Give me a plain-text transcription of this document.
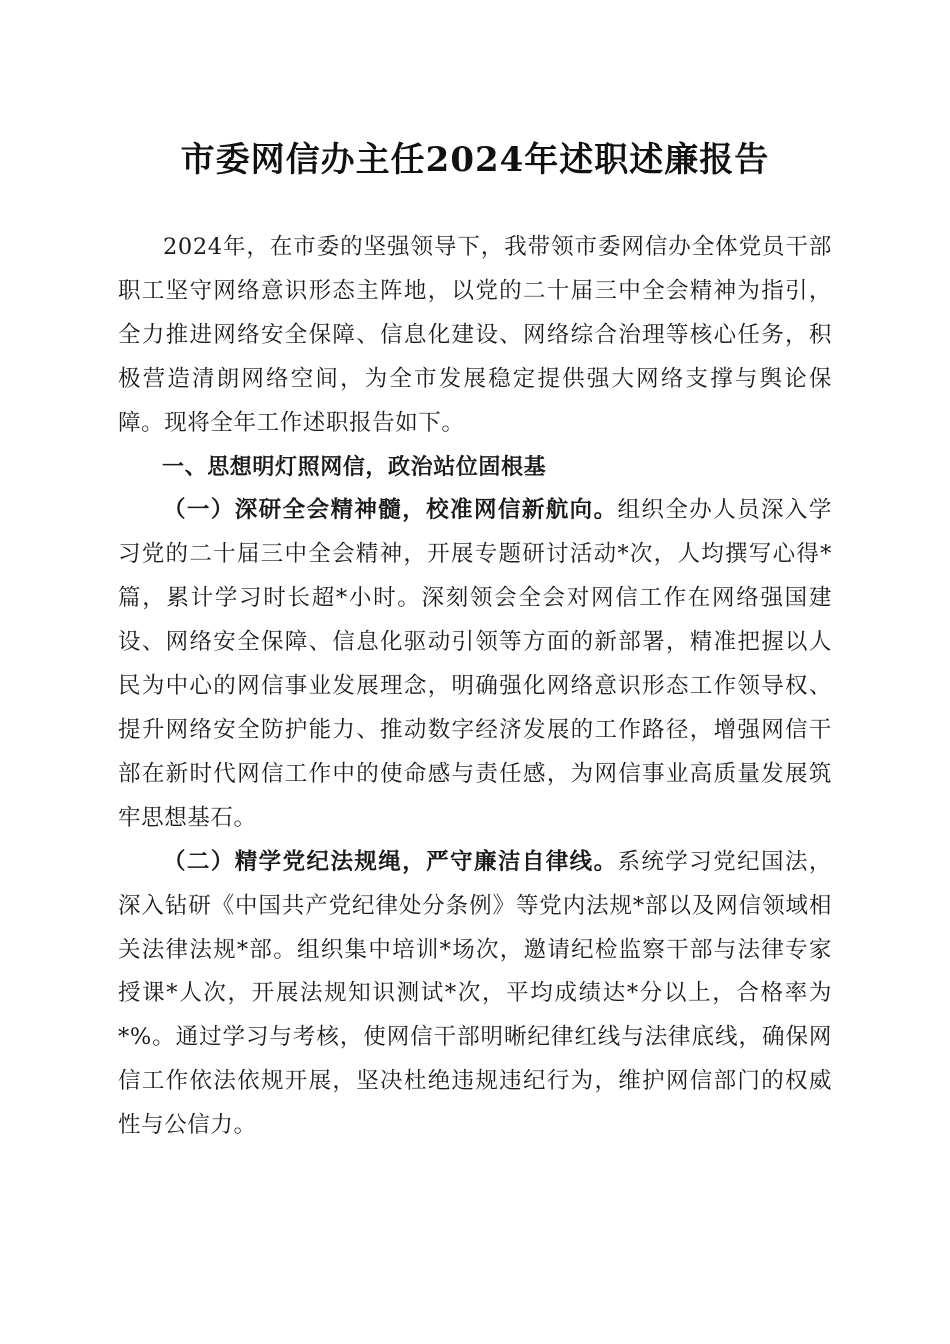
市委网信办主任2024年述职述廉报告

2024年，在市委的坚强领导下，我带领市委网信办全体党员干部职工坚守网络意识形态主阵地，以党的二十届三中全会精神为指引，全力推进网络安全保障、信息化建设、网络综合治理等核心任务，积极营造清朗网络空间，为全市发展稳定提供强大网络支撑与舆论保障。现将全年工作述职报告如下。

一、思想明灯照网信，政治站位固根基

（一）深研全会精神髓，校准网信新航向。组织全办人员深入学习党的二十届三中全会精神，开展专题研讨活动*次，人均撰写心得*篇，累计学习时长超*小时。深刻领会全会对网信工作在网络强国建设、网络安全保障、信息化驱动引领等方面的新部署，精准把握以人民为中心的网信事业发展理念，明确强化网络意识形态工作领导权、提升网络安全防护能力、推动数字经济发展的工作路径，增强网信干部在新时代网信工作中的使命感与责任感，为网信事业高质量发展筑牢思想基石。

（二）精学党纪法规绳，严守廉洁自律线。系统学习党纪国法，深入钻研《中国共产党纪律处分条例》等党内法规*部以及网信领域相关法律法规*部。组织集中培训*场次，邀请纪检监察干部与法律专家授课*人次，开展法规知识测试*次，平均成绩达*分以上，合格率为*%。通过学习与考核，使网信干部明晰纪律红线与法律底线，确保网信工作依法依规开展，坚决杜绝违规违纪行为，维护网信部门的权威性与公信力。
